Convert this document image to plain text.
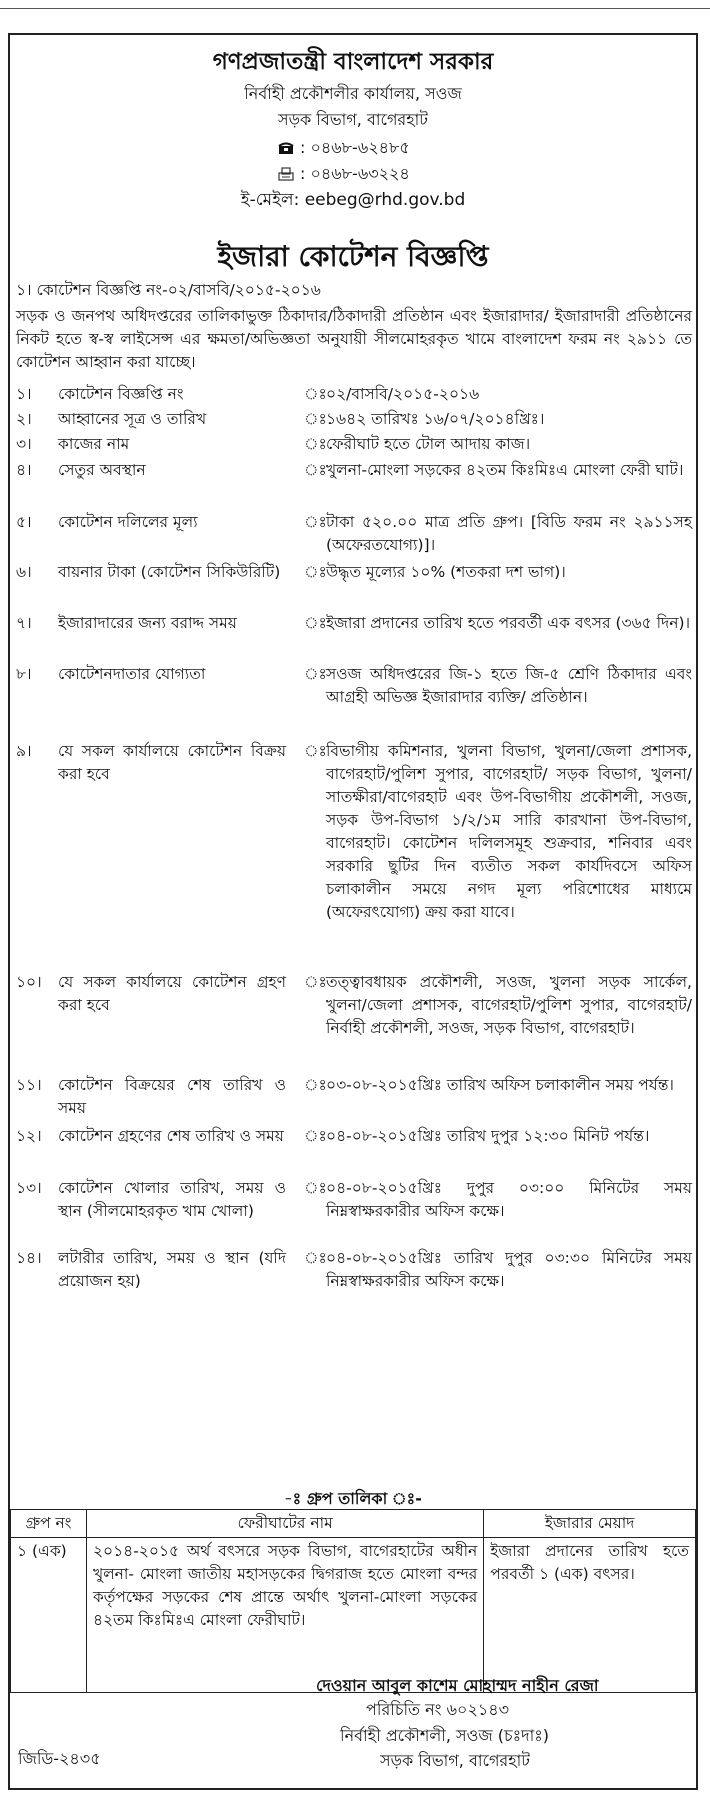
গণপ্রজাতন্ত্রী বাংলাদেশ সরকার
নির্বাহী প্রকৌশলীর কার্যালয়, সওজ
সড়ক বিভাগ, বাগেরহাট
: ০৪৬৮-৬২৪৮৫
: ০৪৬৮-৬৩২২৪
ই-মেইল: eebeg@rhd.gov.bd
ইজারা কোটেশন বিজ্ঞপ্তি
১। কোটেশন বিজ্ঞপ্তি নং-০২/বাসবি/২০১৫-২০১৬
সড়ক ও জনপথ অধিদপ্তরের তালিকাভুক্ত ঠিকাদার/ঠিকাদারী প্রতিষ্ঠান এবং ইজারাদার/ ইজারাদারী প্রতিষ্ঠানের নিকট হতে স্ব-স্ব লাইসেন্স এর ক্ষমতা/অভিজ্ঞতা অনুযায়ী সীলমোহরকৃত খামে বাংলাদেশ ফরম নং ২৯১১ তে কোটেশন আহ্বান করা যাচ্ছে।
১।	কোটেশন বিজ্ঞপ্তি নং	ঃ ০২/বাসবি/২০১৫-২০১৬
২।	আহ্বানের সূত্র ও তারিখ	ঃ ১৬৪২ তারিখঃ ১৬/০৭/২০১৪খ্রিঃ।
৩।	কাজের নাম	ঃ ফেরীঘাট হতে টোল আদায় কাজ।
৪।	সেতুর অবস্থান	ঃ খুলনা-মোংলা সড়কের ৪২তম কিঃমিঃএ মোংলা ফেরী ঘাট।
৫।	কোটেশন দলিলের মূল্য	ঃ টাকা ৫২০.০০ মাত্র প্রতি গ্রুপ। [বিডি ফরম নং ২৯১১সহ (অফেরতযোগ্য)]।
৬।	বায়নার টাকা (কোটেশন সিকিউরিটি)	ঃ উদ্ধৃত মূল্যের ১০% (শতকরা দশ ভাগ)।
৭।	ইজারাদারের জন্য বরাদ্দ সময়	ঃ ইজারা প্রদানের তারিখ হতে পরবর্তী এক বৎসর (৩৬৫ দিন)।
৮।	কোটেশনদাতার যোগ্যতা	ঃ সওজ অধিদপ্তরের জি-১ হতে জি-৫ শ্রেণি ঠিকাদার এবং আগ্রহী অভিজ্ঞ ইজারাদার ব্যক্তি/ প্রতিষ্ঠান।
৯।	যে সকল কার্যালয়ে কোটেশন বিক্রয় করা হবে
ঃ বিভাগীয় কমিশনার, খুলনা বিভাগ, খুলনা/জেলা প্রশাসক, বাগেরহাট/পুলিশ সুপার, বাগেরহাট/ সড়ক বিভাগ, খুলনা/সাতক্ষীরা/বাগেরহাট এবং উপ-বিভাগীয় প্রকৌশলী, সওজ, সড়ক উপ-বিভাগ ১/২/১ম সারি কারখানা উপ-বিভাগ, বাগেরহাট। কোটেশন দলিলসমূহ শুক্রবার, শনিবার এবং সরকারি ছুটির দিন ব্যতীত সকল কার্যদিবসে অফিস চলাকালীন সময়ে নগদ মূল্য পরিশোধের মাধ্যমে (অফেরৎযোগ্য) ক্রয় করা যাবে।
১০।	যে সকল কার্যালয়ে কোটেশন গ্রহণ করা হবে
ঃ তত্ত্বাবধায়ক প্রকৌশলী, সওজ, খুলনা সড়ক সার্কেল, খুলনা/জেলা প্রশাসক, বাগেরহাট/পুলিশ সুপার, বাগেরহাট/নির্বাহী প্রকৌশলী, সওজ, সড়ক বিভাগ, বাগেরহাট।
১১।	কোটেশন বিক্রয়ের শেষ তারিখ ও সময়
ঃ ০৩-০৮-২০১৫খ্রিঃ তারিখ অফিস চলাকালীন সময় পর্যন্ত।
১২।	কোটেশন গ্রহণের শেষ তারিখ ও সময় ঃ ০৪-০৮-২০১৫খ্রিঃ তারিখ দুপুর ১২:৩০ মিনিট পর্যন্ত।
১৩।	কোটেশন খোলার তারিখ, সময় ও স্থান (সীলমোহরকৃত খাম খোলা)
ঃ ০৪-০৮-২০১৫খ্রিঃ দুপুর ০৩:০০ মিনিটের সময় নিম্নস্বাক্ষরকারীর অফিস কক্ষে।
১৪।	লটারীর তারিখ, সময় ও স্থান (যদি প্রয়োজন হয়)
ঃ ০৪-০৮-২০১৫খ্রিঃ তারিখ দুপুর ০৩:৩০ মিনিটের সময় নিম্নস্বাক্ষরকারীর অফিস কক্ষে।
-ঃ গ্রুপ তালিকা ঃ-
গ্রুপ নং	ফেরীঘাটের নাম	ইজারার মেয়াদ
১ (এক)	২০১৪-২০১৫ অর্থ বৎসরে সড়ক বিভাগ, বাগেরহাটের অধীন খুলনা- মোংলা জাতীয় মহাসড়কের দ্বিগরাজ হতে মোংলা বন্দর কর্তৃপক্ষের সড়কের শেষ প্রান্তে অর্থাৎ খুলনা-মোংলা সড়কের ৪২তম কিঃমিঃএ মোংলা ফেরীঘাট।	ইজারা প্রদানের তারিখ হতে পরবর্তী ১ (এক) বৎসর।
দেওয়ান আবুল কাশেম মোহাম্মদ নাহীন রেজা
পরিচিতি নং ৬০২১৪৩
নির্বাহী প্রকৌশলী, সওজ (চঃদাঃ)
সড়ক বিভাগ, বাগেরহাট
জিডি-২৪৩৫
